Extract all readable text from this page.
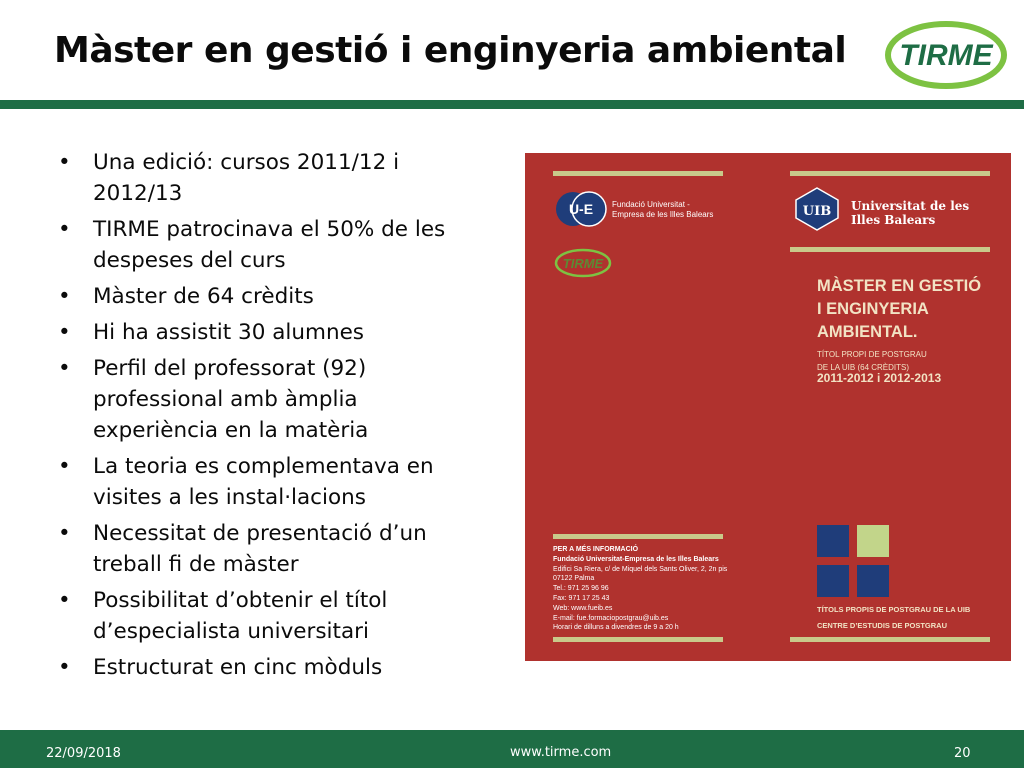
Màster en gestió i enginyeria ambiental TIRME
• Una edició: cursos 2011/12 i 2012/13
• TIRME patrocinava el 50% de les despeses del curs
• Màster de 64 crèdits
• Hi ha assistit 30 alumnes
• Perfil del professorat (92) professional amb àmplia experiència en la matèria
• La teoria es complementava en visites a les instal·lacions
• Necessitat de presentació d’un treball fi de màster
• Possibilitat d’obtenir el títol d’especialista universitari
• Estructurat en cinc mòduls
U-E Fundació Universitat -
Empresa de les Illes Balears
TIRME
UIB Universitat de les
Illes Balears
MÀSTER EN GESTIÓ
I ENGINYERIA
AMBIENTAL.
TÍTOL PROPI DE POSTGRAU
DE LA UIB (64 CRÈDITS)
2011-2012 i 2012-2013
PER A MÉS INFORMACIÓ
Fundació Universitat-Empresa de les Illes Balears
Edifici Sa Riera, c/ de Miquel dels Sants Oliver, 2, 2n pis
07122 Palma
Tel.: 971 25 96 96
Fax: 971 17 25 43
Web: www.fueib.es
E-mail: fue.formaciopostgrau@uib.es
Horari de dilluns a divendres de 9 a 20 h
TÍTOLS PROPIS DE POSTGRAU DE LA UIB
CENTRE D’ESTUDIS DE POSTGRAU
22/09/2018	www.tirme.com	20
